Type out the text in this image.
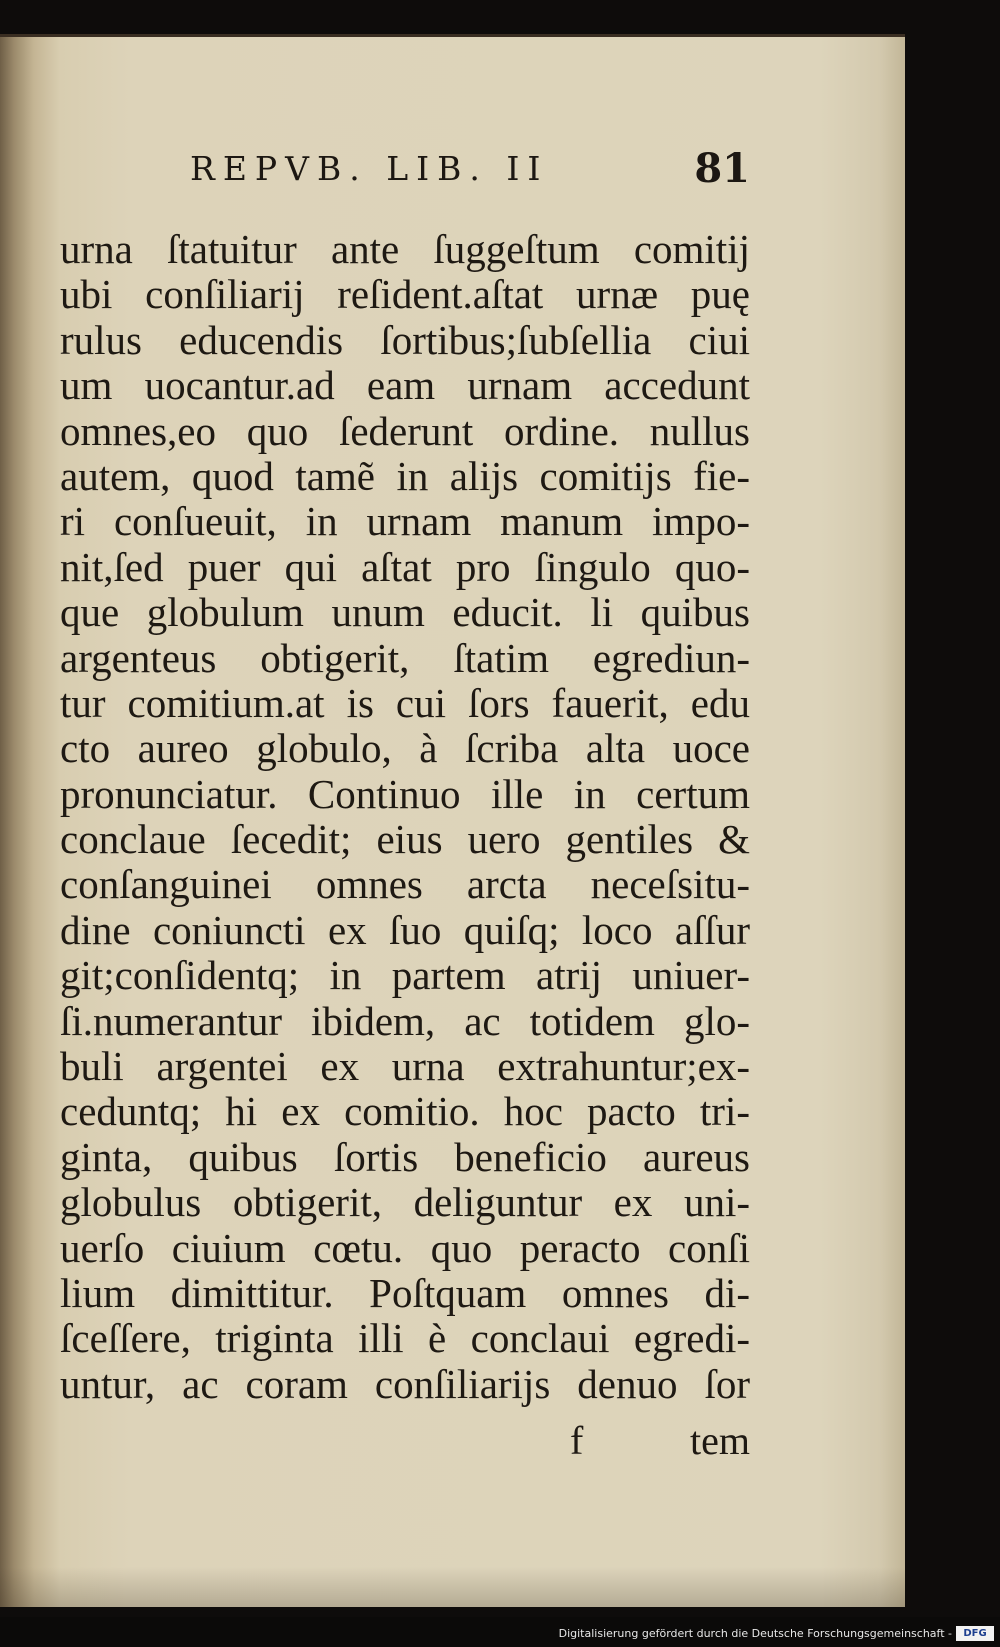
REPVB. LIB. II	81
urna ſtatuitur ante ſuggeſtum comitij
ubi conſiliarij reſident.aſtat urnæ puę
rulus educendis ſortibus;ſubſellia ciui
um uocantur.ad eam urnam accedunt
omnes,eo quo ſederunt ordine. nullus
autem, quod tamẽ in alijs comitijs fie-
ri conſueuit, in urnam manum impo-
nit,ſed puer qui aſtat pro ſingulo quo-
que globulum unum educit. li quibus
argenteus obtigerit, ſtatim egrediun-
tur comitium.at is cui ſors fauerit, edu
cto aureo globulo, à ſcriba alta uoce
pronunciatur. Continuo ille in certum
conclaue ſecedit; eius uero gentiles &
conſanguinei omnes arcta neceſsitu-
dine coniuncti ex ſuo quiſq; loco aſſur
git;conſidentq; in partem atrij uniuer-
ſi.numerantur ibidem, ac totidem glo-
buli argentei ex urna extrahuntur;ex-
ceduntq; hi ex comitio. hoc pacto tri-
ginta, quibus ſortis beneficio aureus
globulus obtigerit, deliguntur ex uni-
uerſo ciuium cœtu. quo peracto conſi
lium dimittitur. Poſtquam omnes di-
ſceſſere, triginta illi è conclaui egredi-
untur, ac coram conſiliarijs denuo ſor
f	tem
Digitalisierung gefördert durch die Deutsche Forschungsgemeinschaft -	DFG
